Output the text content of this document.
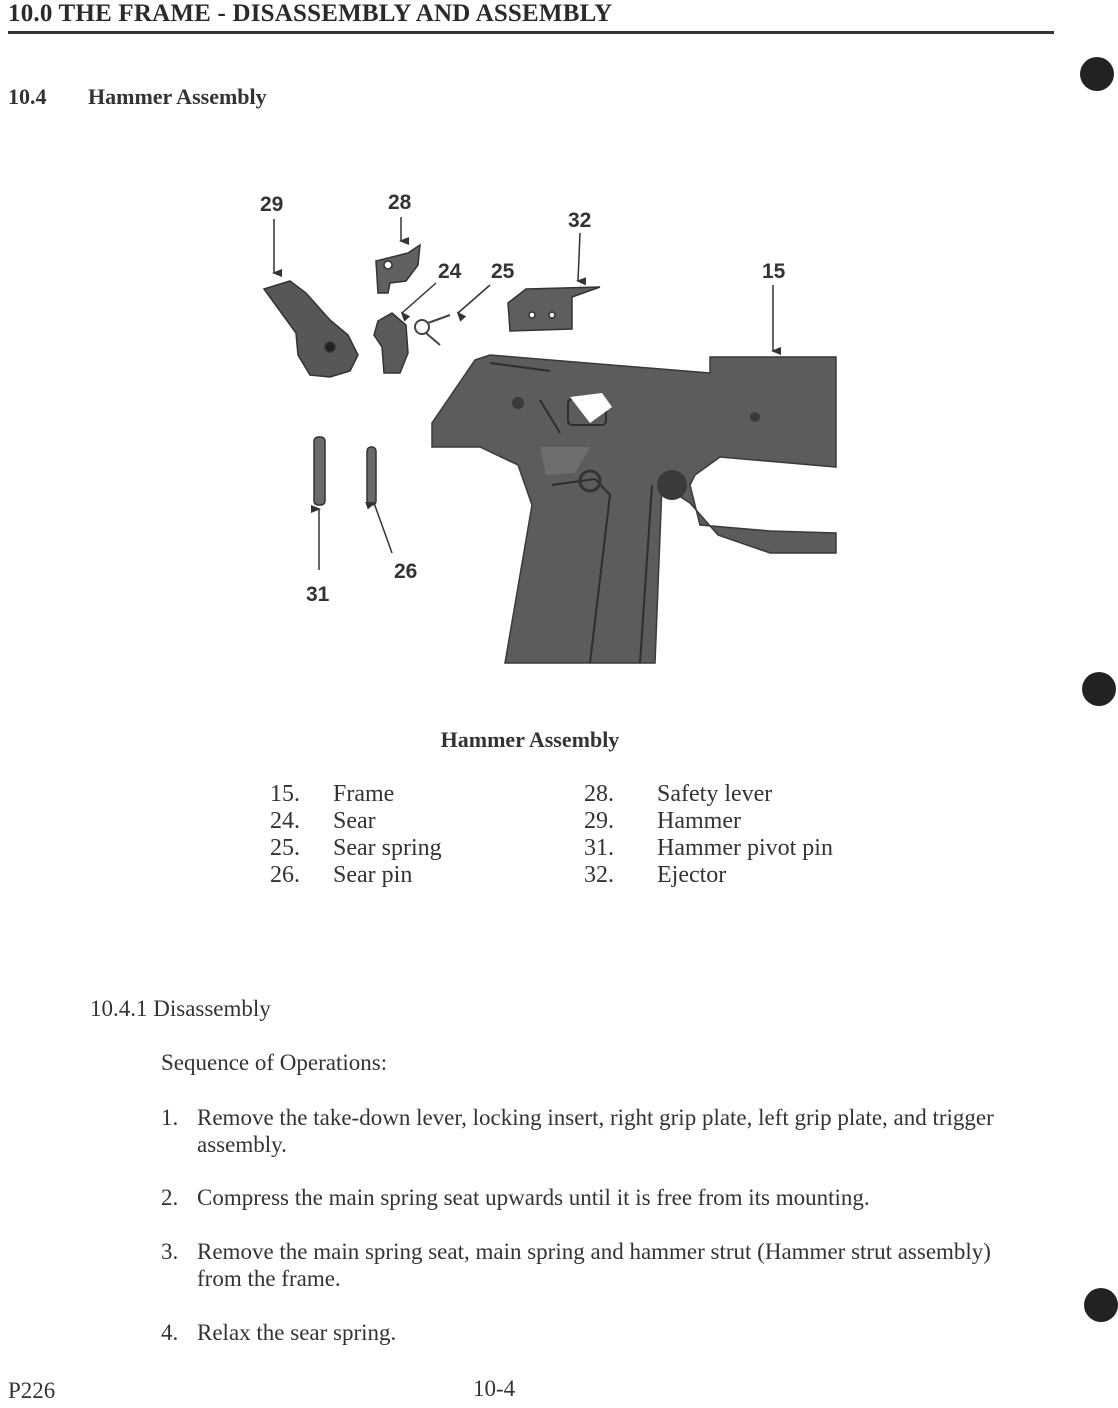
10.0 THE FRAME - DISASSEMBLY AND ASSEMBLY
10.4 Hammer Assembly
29	28
32
24 25	15
26
31
Hammer Assembly
15. Frame
24. Sear
25. Sear spring
26. Sear pin
28. Safety lever
29. Hammer
31. Hammer pivot pin
32. Ejector
10.4.1 Disassembly
Sequence of Operations:
1. Remove the take-down lever, locking insert, right grip plate, left grip plate, and trigger assembly.
2. Compress the main spring seat upwards until it is free from its mounting.
3. Remove the main spring seat, main spring and hammer strut (Hammer strut assembly) from the frame.
4. Relax the sear spring.
P226	10-4
